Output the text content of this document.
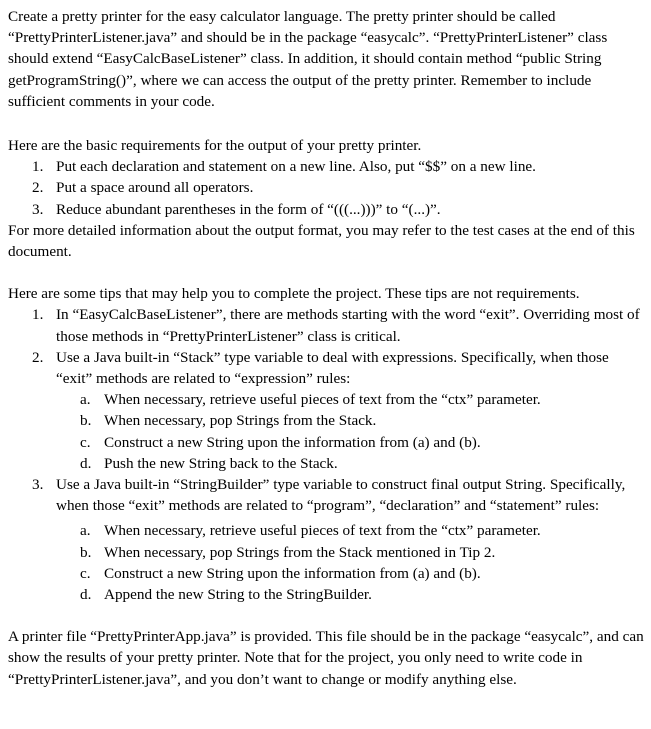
Create a pretty printer for the easy calculator language. The pretty printer should be called “PrettyPrinterListener.java” and should be in the package “easycalc”. “PrettyPrinterListener” class should extend “EasyCalcBaseListener” class. In addition, it should contain method “public String getProgramString()”, where we can access the output of the pretty printer. Remember to include sufficient comments in your code.

Here are the basic requirements for the output of your pretty printer.

1. Put each declaration and statement on a new line. Also, put “$$” on a new line.
2. Put a space around all operators.
3. Reduce abundant parentheses in the form of “(((...)))” to “(...)”.

For more detailed information about the output format, you may refer to the test cases at the end of this document.

Here are some tips that may help you to complete the project. These tips are not requirements.

1. In “EasyCalcBaseListener”, there are methods starting with the word “exit”. Overriding most of those methods in “PrettyPrinterListener” class is critical.
2. Use a Java built-in “Stack” type variable to deal with expressions. Specifically, when those “exit” methods are related to “expression” rules:
a. When necessary, retrieve useful pieces of text from the “ctx” parameter.
b. When necessary, pop Strings from the Stack.
c. Construct a new String upon the information from (a) and (b).
d. Push the new String back to the Stack.
3. Use a Java built-in “StringBuilder” type variable to construct final output String. Specifically, when those “exit” methods are related to “program”, “declaration” and “statement” rules:
a. When necessary, retrieve useful pieces of text from the “ctx” parameter.
b. When necessary, pop Strings from the Stack mentioned in Tip 2.
c. Construct a new String upon the information from (a) and (b).
d. Append the new String to the StringBuilder.

A printer file “PrettyPrinterApp.java” is provided. This file should be in the package “easycalc”, and can show the results of your pretty printer. Note that for the project, you only need to write code in “PrettyPrinterListener.java”, and you don’t want to change or modify anything else.
